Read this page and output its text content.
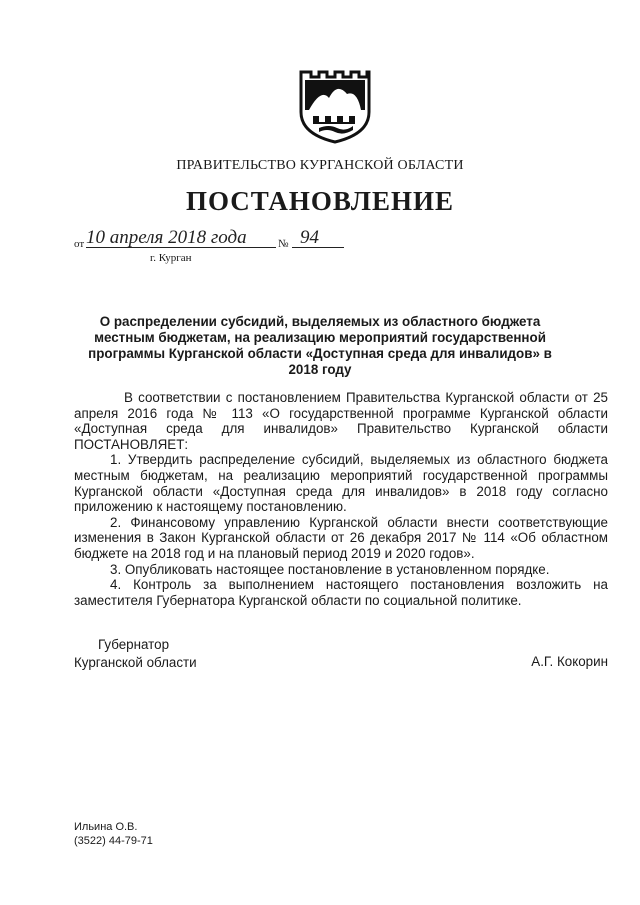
ПРАВИТЕЛЬСТВО КУРГАНСКОЙ ОБЛАСТИ
ПОСТАНОВЛЕНИЕ
от 10 апреля 2018 года	№ 94
г. Курган
О распределении субсидий, выделяемых из областного бюджета местным бюджетам, на реализацию мероприятий государственной программы Курганской области «Доступная среда для инвалидов» в 2018 году

В соответствии с постановлением Правительства Курганской области от 25 апреля 2016 года № 113 «О государственной программе Курганской области «Доступная среда для инвалидов» Правительство Курганской области ПОСТАНОВЛЯЕТ:

1. Утвердить распределение субсидий, выделяемых из областного бюджета местным бюджетам, на реализацию мероприятий государственной программы Курганской области «Доступная среда для инвалидов» в 2018 году согласно приложению к настоящему постановлению.

2. Финансовому управлению Курганской области внести соответствующие изменения в Закон Курганской области от 26 декабря 2017 № 114 «Об областном бюджете на 2018 год и на плановый период 2019 и 2020 годов».

3. Опубликовать настоящее постановление в установленном порядке.

4. Контроль за выполнением настоящего постановления возложить на заместителя Губернатора Курганской области по социальной политике.

Губернатор
Курганской области	А.Г. Кокорин
Ильина О.В.
(3522) 44-79-71
